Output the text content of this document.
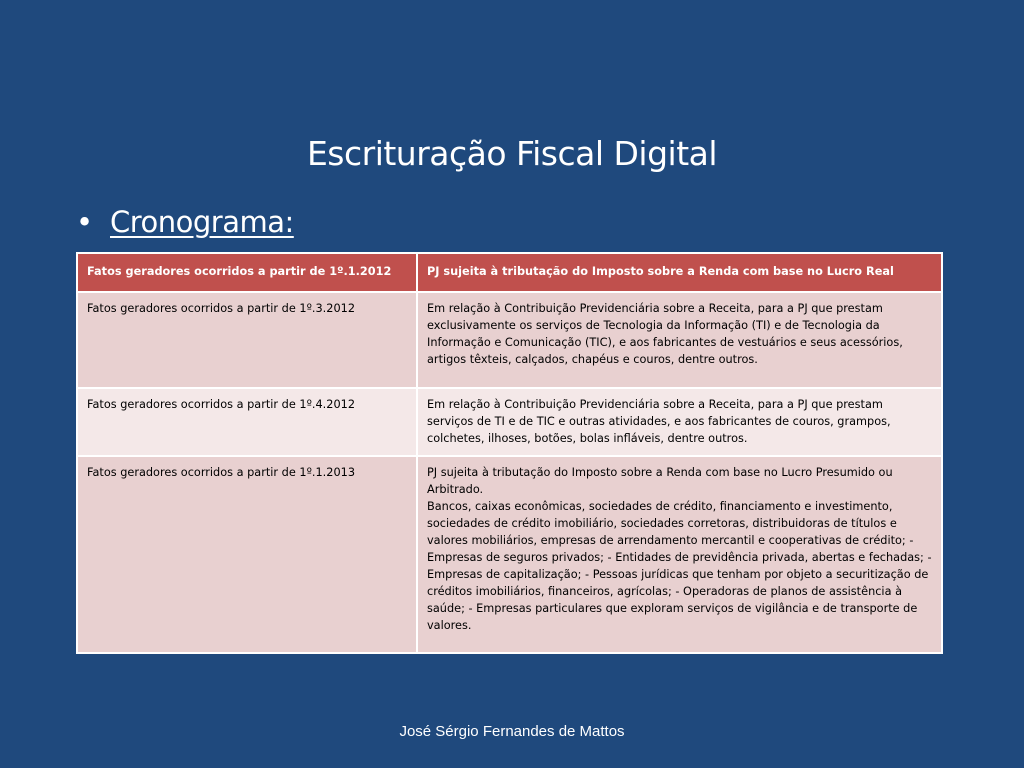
Escrituração Fiscal Digital
• Cronograma:
Fatos geradores ocorridos a partir de 1º.1.2012	PJ sujeita à tributação do Imposto sobre a Renda com base no Lucro Real
Fatos geradores ocorridos a partir de 1º.3.2012	Em relação à Contribuição Previdenciária sobre a Receita, para a PJ que prestam exclusivamente os serviços de Tecnologia da Informação (TI) e de Tecnologia da Informação e Comunicação (TIC), e aos fabricantes de vestuários e seus acessórios, artigos têxteis, calçados, chapéus e couros, dentre outros.
Fatos geradores ocorridos a partir de 1º.4.2012	Em relação à Contribuição Previdenciária sobre a Receita, para a PJ que prestam serviços de TI e de TIC e outras atividades, e aos fabricantes de couros, grampos, colchetes, ilhoses, botões, bolas infláveis, dentre outros.
Fatos geradores ocorridos a partir de 1º.1.2013	PJ sujeita à tributação do Imposto sobre a Renda com base no Lucro Presumido ou Arbitrado.
Bancos, caixas econômicas, sociedades de crédito, financiamento e investimento, sociedades de crédito imobiliário, sociedades corretoras, distribuidoras de títulos e valores mobiliários, empresas de arrendamento mercantil e cooperativas de crédito; - Empresas de seguros privados; - Entidades de previdência privada, abertas e fechadas; - Empresas de capitalização; - Pessoas jurídicas que tenham por objeto a securitização de créditos imobiliários, financeiros, agrícolas; - Operadoras de planos de assistência à saúde; - Empresas particulares que exploram serviços de vigilância e de transporte de valores.
José Sérgio Fernandes de Mattos
